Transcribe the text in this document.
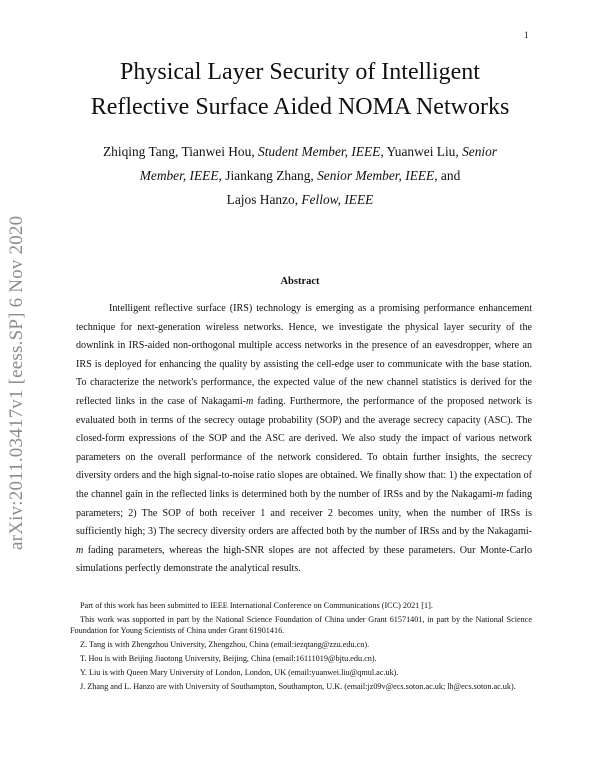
1
arXiv:2011.03417v1 [eess.SP] 6 Nov 2020
Physical Layer Security of Intelligent
Reflective Surface Aided NOMA Networks
Zhiqing Tang, Tianwei Hou, Student Member, IEEE, Yuanwei Liu, Senior
Member, IEEE, Jiankang Zhang, Senior Member, IEEE, and
Lajos Hanzo, Fellow, IEEE
Abstract

Intelligent reflective surface (IRS) technology is emerging as a promising performance enhancement technique for next-generation wireless networks. Hence, we investigate the physical layer security of the downlink in IRS-aided non-orthogonal multiple access networks in the presence of an eavesdropper, where an IRS is deployed for enhancing the quality by assisting the cell-edge user to communicate with the base station. To characterize the network's performance, the expected value of the new channel statistics is derived for the reflected links in the case of Nakagami-m fading. Furthermore, the performance of the proposed network is evaluated both in terms of the secrecy outage probability (SOP) and the average secrecy capacity (ASC). The closed-form expressions of the SOP and the ASC are derived. We also study the impact of various network parameters on the overall performance of the network considered. To obtain further insights, the secrecy diversity orders and the high signal-to-noise ratio slopes are obtained. We finally show that: 1) the expectation of the channel gain in the reflected links is determined both by the number of IRSs and by the Nakagami-m fading parameters; 2) The SOP of both receiver 1 and receiver 2 becomes unity, when the number of IRSs is sufficiently high; 3) The secrecy diversity orders are affected both by the number of IRSs and by the Nakagami-m fading parameters, whereas the high-SNR slopes are not affected by these parameters. Our Monte-Carlo simulations perfectly demonstrate the analytical results.

Part of this work has been submitted to IEEE International Conference on Communications (ICC) 2021 [1].

This work was supported in part by the National Science Foundation of China under Grant 61571401, in part by the National Science Foundation for Young Scientists of China under Grant 61901416.

Z. Tang is with Zhengzhou University, Zhengzhou, China (email:iezqtang@zzu.edu.cn).

T. Hou is with Beijing Jiaotong University, Beijing, China (email:16111019@bjtu.edu.cn).

Y. Liu is with Queen Mary University of London, London, UK (email:yuanwei.liu@qmul.ac.uk).

J. Zhang and L. Hanzo are with University of Southampton, Southampton, U.K. (email:jz09v@ecs.soton.ac.uk; lh@ecs.soton.ac.uk).
